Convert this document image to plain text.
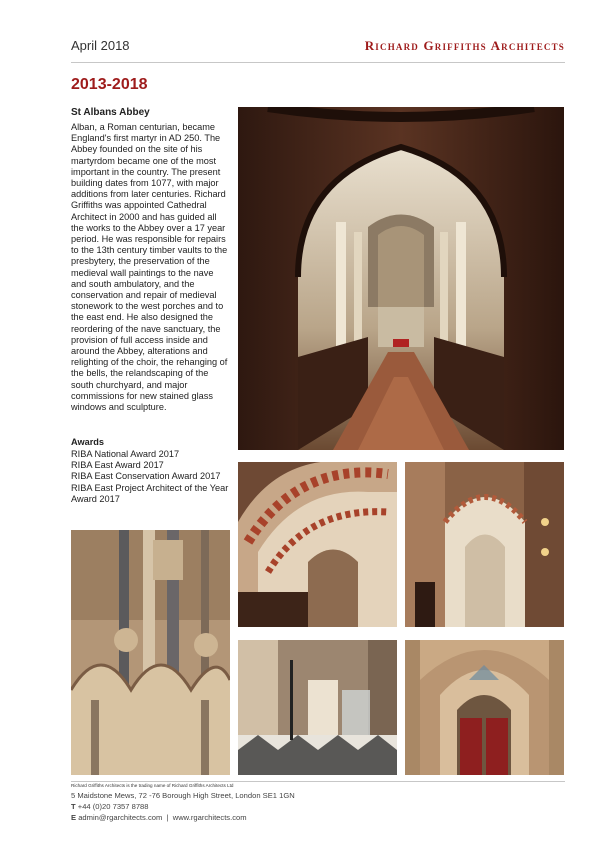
April 2018	Richard Griffiths Architects
2013-2018
St Albans Abbey
Alban, a Roman centurian, became England's first martyr in AD 250. The Abbey founded on the site of his martyrdom became one of the most important in the country. The present building dates from 1077, with major additions from later centuries. Richard Griffiths was appointed Cathedral Architect in 2000 and has guided all the works to the Abbey over a 17 year period. He was responsible for repairs to the 13th century timber vaults to the presbytery, the preservation of the medieval wall paintings to the nave and south ambulatory, and the conservation and repair of medieval stonework to the west porches and to the east end. He also designed the reordering of the nave sanctuary, the provision of full access inside and around the Abbey, alterations and relighting of the choir, the rehanging of the bells, the relandscaping of the south churchyard, and major commissions for new stained glass windows and sculpture.
Awards
RIBA National Award 2017
RIBA East Award 2017
RIBA East Conservation Award 2017
RIBA East Project Architect of the Year Award 2017
Richard Griffiths Architects is the trading name of Richard Griffiths Architects Ltd
5 Maidstone Mews, 72 -76 Borough High Street, London SE1 1GN
T +44 (0)20 7357 8788
E admin@rgarchitects.com  |  www.rgarchitects.com
